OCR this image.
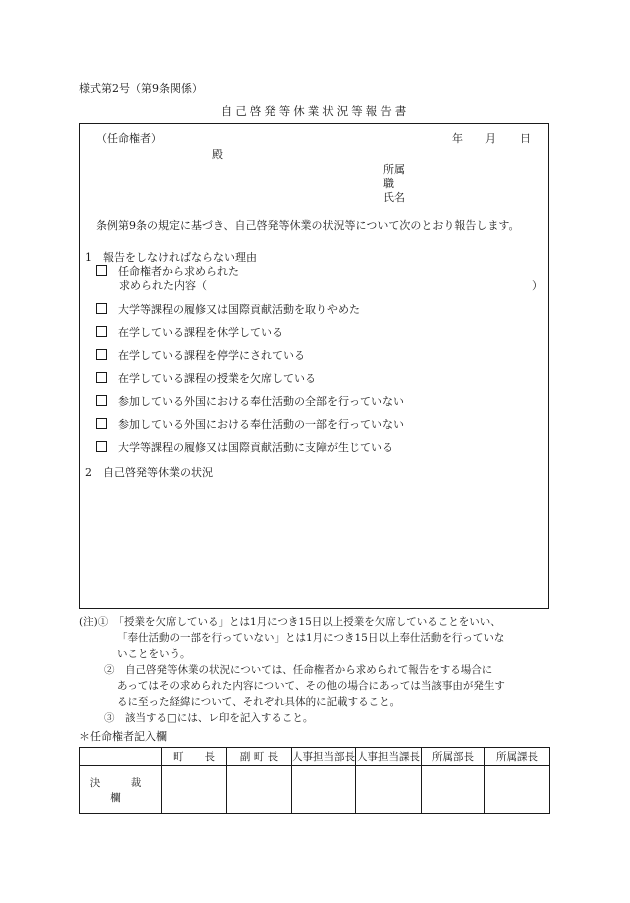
様式第2号（第9条関係）
自己啓発等休業状況等報告書
（任命権者）	年 月 日
殿
所属
職
氏名
条例第9条の規定に基づき、自己啓発等休業の状況等について次のとおり報告します。
1　報告をしなければならない理由
任命権者から求められた
求められた内容（	）
大学等課程の履修又は国際貢献活動を取りやめた
在学している課程を休学している
在学している課程を停学にされている
在学している課程の授業を欠席している
参加している外国における奉仕活動の全部を行っていない
参加している外国における奉仕活動の一部を行っていない
大学等課程の履修又は国際貢献活動に支障が生じている
2　自己啓発等休業の状況
(注)①　「授業を欠席している」とは1月につき15日以上授業を欠席していることをいい、
「奉仕活動の一部を行っていない」とは1月につき15日以上奉仕活動を行っていな
いことをいう。
②　自己啓発等休業の状況については、任命権者から求められて報告をする場合に
あってはその求められた内容について、その他の場合にあっては当該事由が発生す
るに至った経緯について、それぞれ具体的に記載すること。
③　該当する□には、レ印を記入すること。
＊任命権者記入欄
	町　　長	副 町 長	人事担当部長	人事担当課長	所属部長	所属課長
決　裁　欄						
